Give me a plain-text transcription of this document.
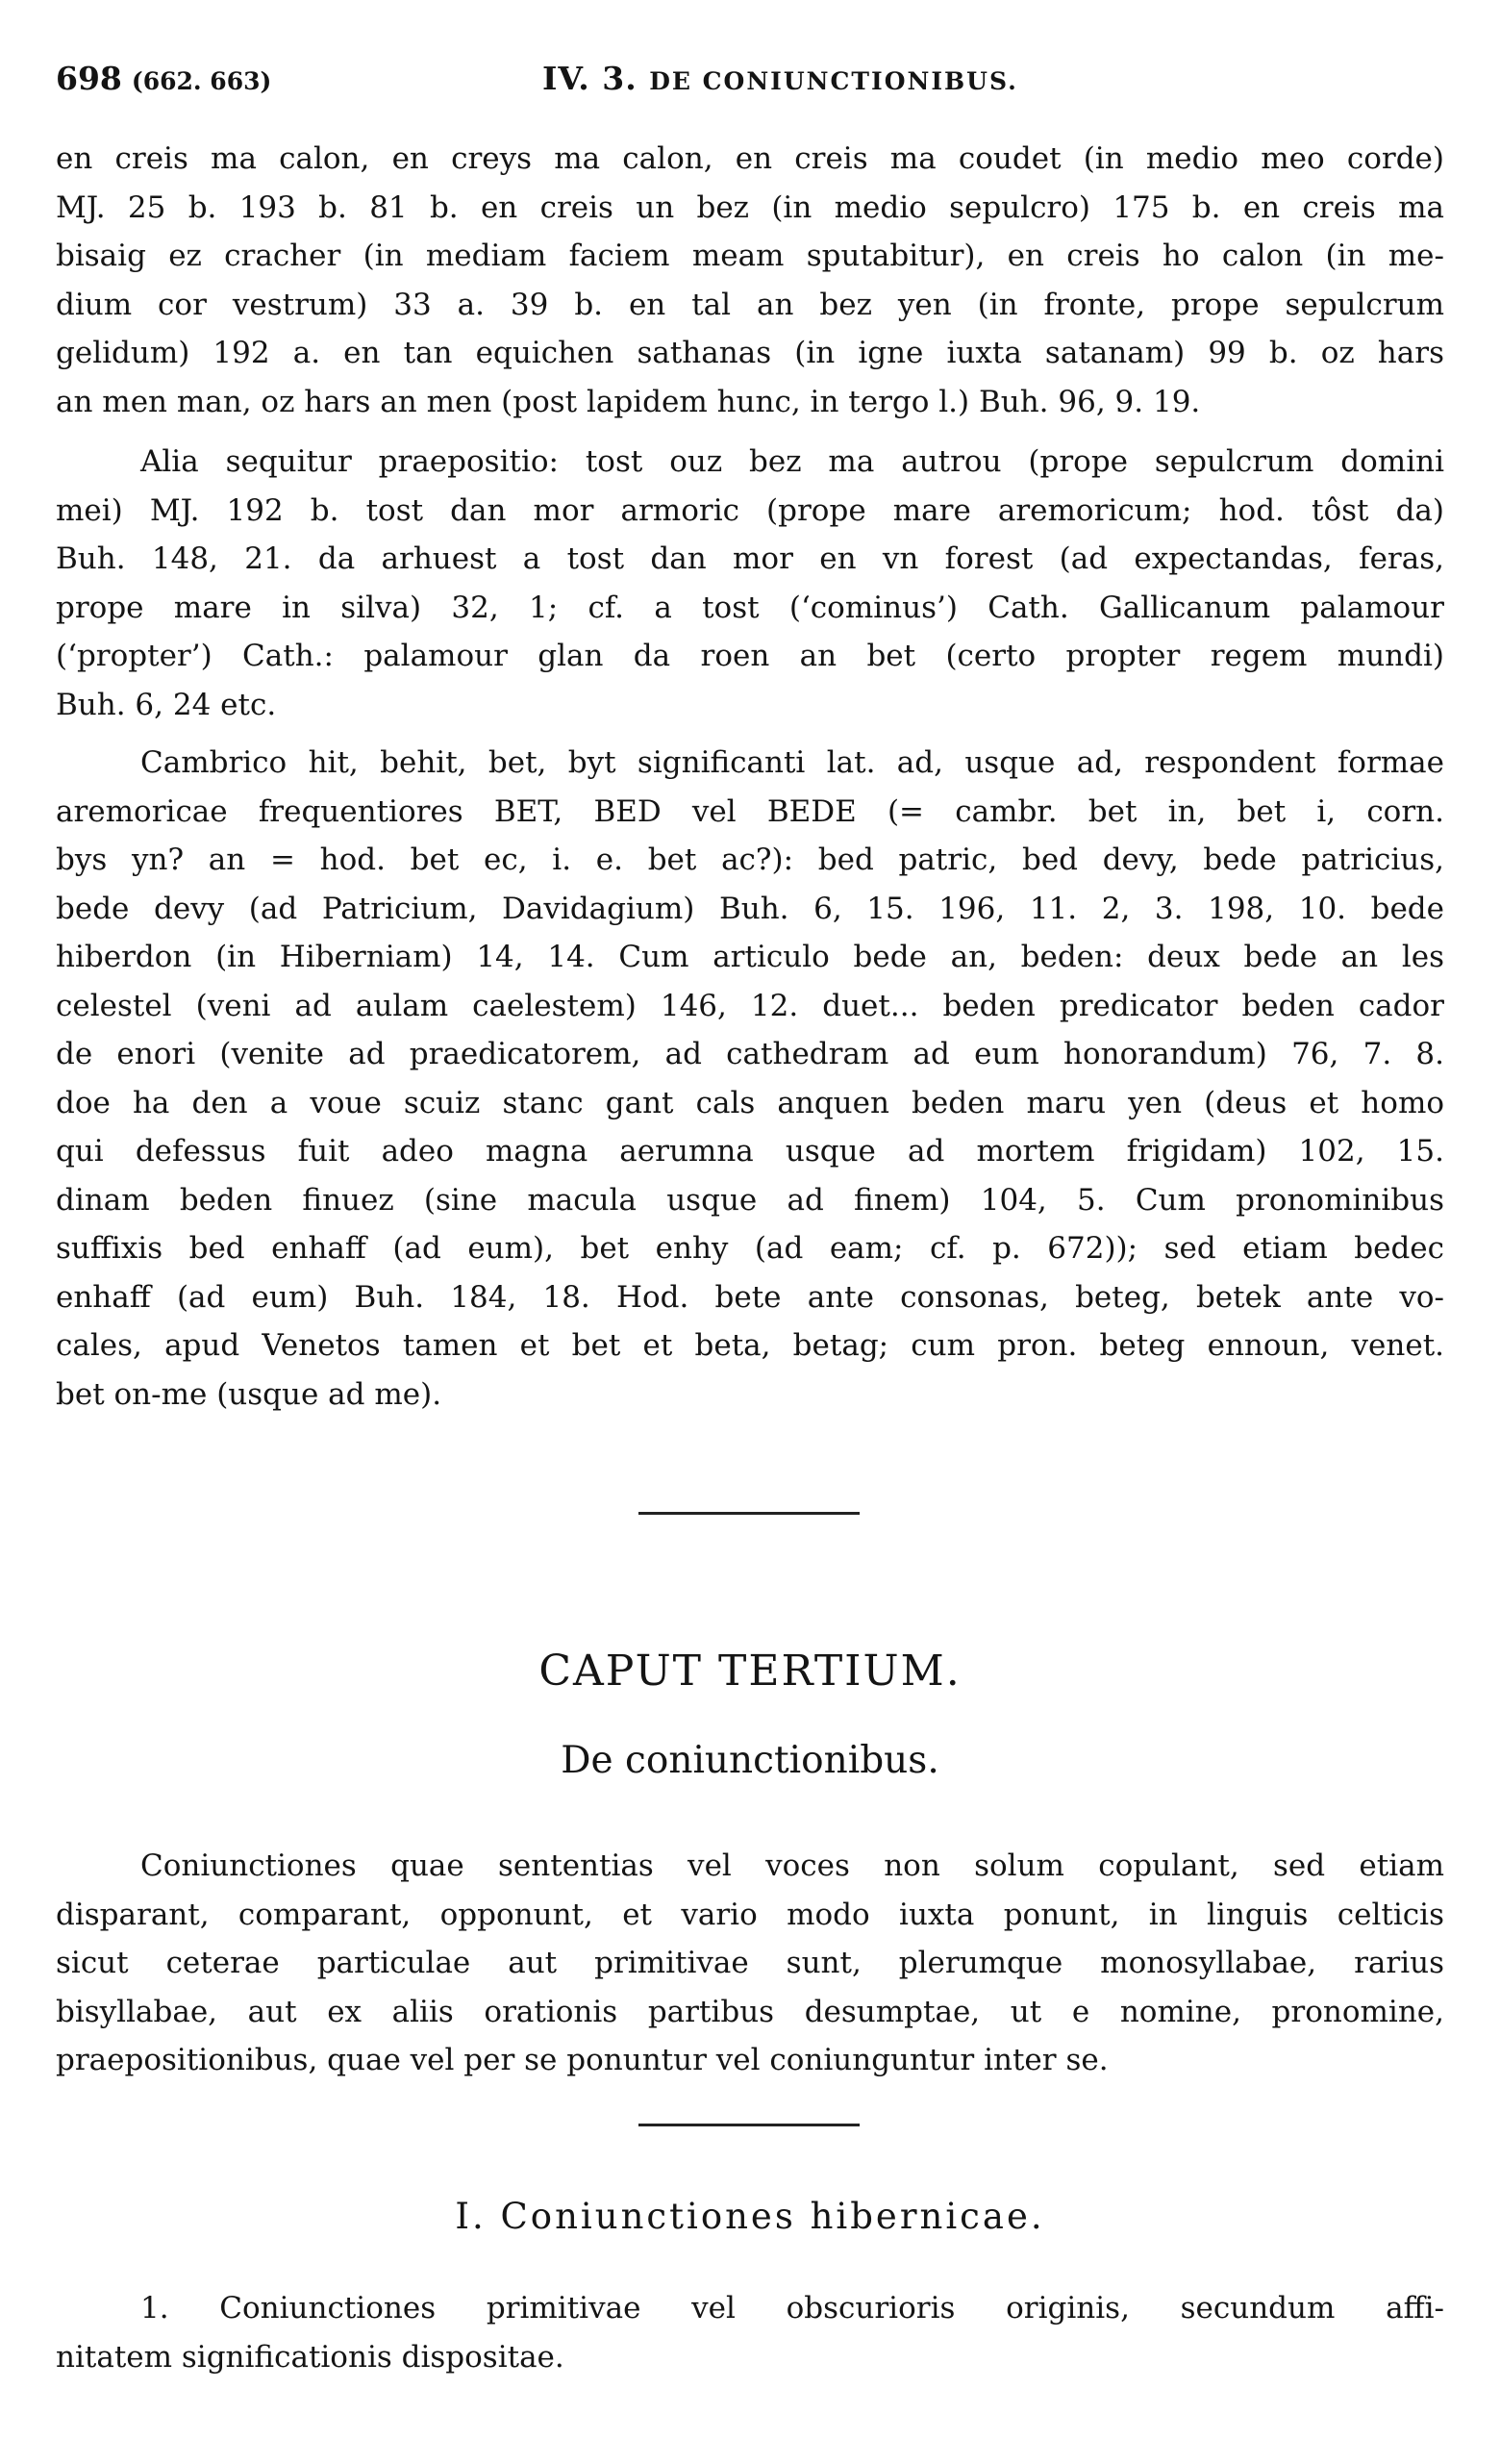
698 (662. 663)	IV. 3. DE CONIUNCTIONIBUS.
en creis ma calon, en creys ma calon, en creis ma coudet (in medio meo corde)
MJ. 25 b. 193 b. 81 b. en creis un bez (in medio sepulcro) 175 b. en creis ma
bisaig ez cracher (in mediam faciem meam sputabitur), en creis ho calon (in me-
dium cor vestrum) 33 a. 39 b. en tal an bez yen (in fronte, prope sepulcrum
gelidum) 192 a. en tan equichen sathanas (in igne iuxta satanam) 99 b. oz hars
an men man, oz hars an men (post lapidem hunc, in tergo l.) Buh. 96, 9. 19.
Alia sequitur praepositio: tost ouz bez ma autrou (prope sepulcrum domini
mei) MJ. 192 b. tost dan mor armoric (prope mare aremoricum; hod. tôst da)
Buh. 148, 21. da arhuest a tost dan mor en vn forest (ad expectandas, feras,
prope mare in silva) 32, 1; cf. a tost (‘cominus’) Cath. Gallicanum palamour
(‘propter’) Cath.: palamour glan da roen an bet (certo propter regem mundi)
Buh. 6, 24 etc.
Cambrico hit, behit, bet, byt significanti lat. ad, usque ad, respondent formae
aremoricae frequentiores BET, BED vel BEDE (= cambr. bet in, bet i, corn.
bys yn? an = hod. bet ec, i. e. bet ac?): bed patric, bed devy, bede patricius,
bede devy (ad Patricium, Davidagium) Buh. 6, 15. 196, 11. 2, 3. 198, 10. bede
hiberdon (in Hiberniam) 14, 14. Cum articulo bede an, beden: deux bede an les
celestel (veni ad aulam caelestem) 146, 12. duet... beden predicator beden cador
de enori (venite ad praedicatorem, ad cathedram ad eum honorandum) 76, 7. 8.
doe ha den a voue scuiz stanc gant cals anquen beden maru yen (deus et homo
qui defessus fuit adeo magna aerumna usque ad mortem frigidam) 102, 15.
dinam beden finuez (sine macula usque ad finem) 104, 5. Cum pronominibus
suffixis bed enhaff (ad eum), bet enhy (ad eam; cf. p. 672)); sed etiam bedec
enhaff (ad eum) Buh. 184, 18. Hod. bete ante consonas, beteg, betek ante vo-
cales, apud Venetos tamen et bet et beta, betag; cum pron. beteg ennoun, venet.
bet on-me (usque ad me).
CAPUT TERTIUM.
De coniunctionibus.
Coniunctiones quae sententias vel voces non solum copulant, sed etiam
disparant, comparant, opponunt, et vario modo iuxta ponunt, in linguis celticis
sicut ceterae particulae aut primitivae sunt, plerumque monosyllabae, rarius
bisyllabae, aut ex aliis orationis partibus desumptae, ut e nomine, pronomine,
praepositionibus, quae vel per se ponuntur vel coniunguntur inter se.
I. Coniunctiones hibernicae.
1. Coniunctiones primitivae vel obscurioris originis, secundum affi-
nitatem significationis dispositae.
